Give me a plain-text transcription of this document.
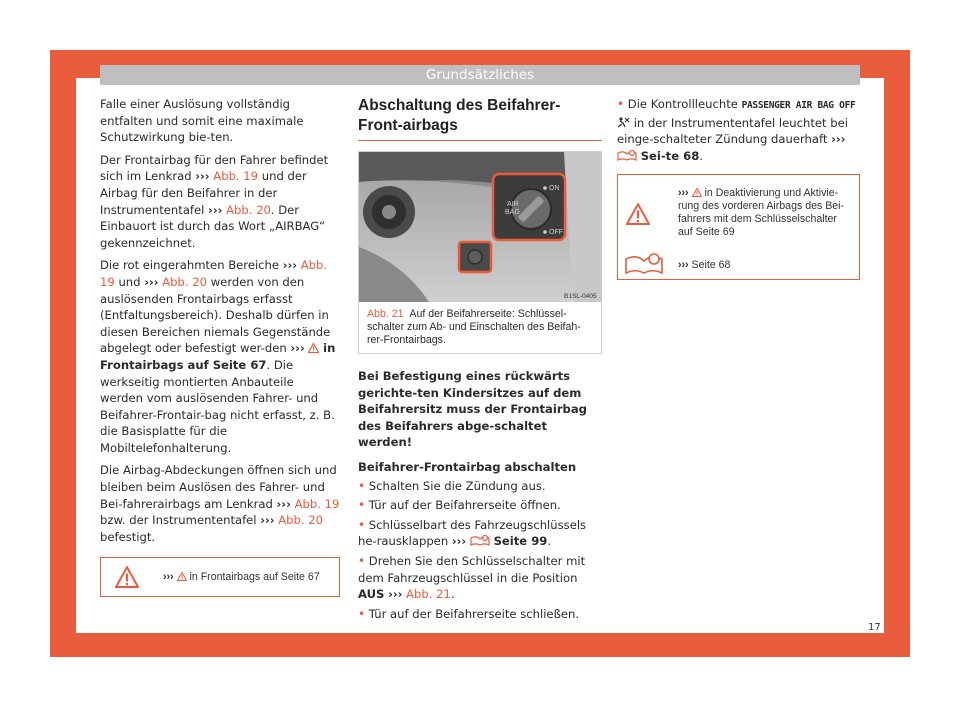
Grundsätzliches

Falle einer Auslösung vollständig entfalten und somit eine maximale Schutzwirkung bie-ten.

Der Frontairbag für den Fahrer befindet sich im Lenkrad ››› Abb. 19 und der Airbag für den Beifahrer in der Instrumententafel ››› Abb. 20. Der Einbauort ist durch das Wort „AIRBAG“ gekennzeichnet.

Die rot eingerahmten Bereiche ››› Abb. 19 und ››› Abb. 20 werden von den auslösenden Frontairbags erfasst (Entfaltungsbereich). Deshalb dürfen in diesen Bereichen niemals Gegenstände abgelegt oder befestigt wer-den ››› in Frontairbags auf Seite 67. Die werkseitig montierten Anbauteile werden vom auslösenden Fahrer- und Beifahrer-Frontair-bag nicht erfasst, z. B. die Basisplatte für die Mobiltelefonhalterung.

Die Airbag-Abdeckungen öffnen sich und bleiben beim Auslösen des Fahrer- und Bei-fahrerairbags am Lenkrad ››› Abb. 19 bzw. der Instrumententafel ››› Abb. 20 befestigt.

››› in Frontairbags auf Seite 67
Abschaltung des Beifahrer-Front-airbags
AIR
BAG
ON
OFF
B1SL-0405
Abb. 21 Auf der Beifahrerseite: Schlüssel-schalter zum Ab- und Einschalten des Beifah-rer-Frontairbags.
Bei Befestigung eines rückwärts gerichte-ten Kindersitzes auf dem Beifahrersitz muss der Frontairbag des Beifahrers abge-schaltet werden!
Beifahrer-Frontairbag abschalten
• Schalten Sie die Zündung aus.
• Tür auf der Beifahrerseite öffnen.
• Schlüsselbart des Fahrzeugschlüssels he-rausklappen ››› Seite 99.
• Drehen Sie den Schlüsselschalter mit dem Fahrzeugschlüssel in die Position AUS ››› Abb. 21.
• Tür auf der Beifahrerseite schließen.

• Die Kontrollleuchte PASSENGER AIR BAG OFF  in der Instrumententafel leuchtet bei einge-schalteter Zündung dauerhaft ›››  Sei-te 68.

››› in Deaktivierung und Aktivie-rung des vorderen Airbags des Bei-fahrers mit dem Schlüsselschalter auf Seite 69
››› Seite 68
17
